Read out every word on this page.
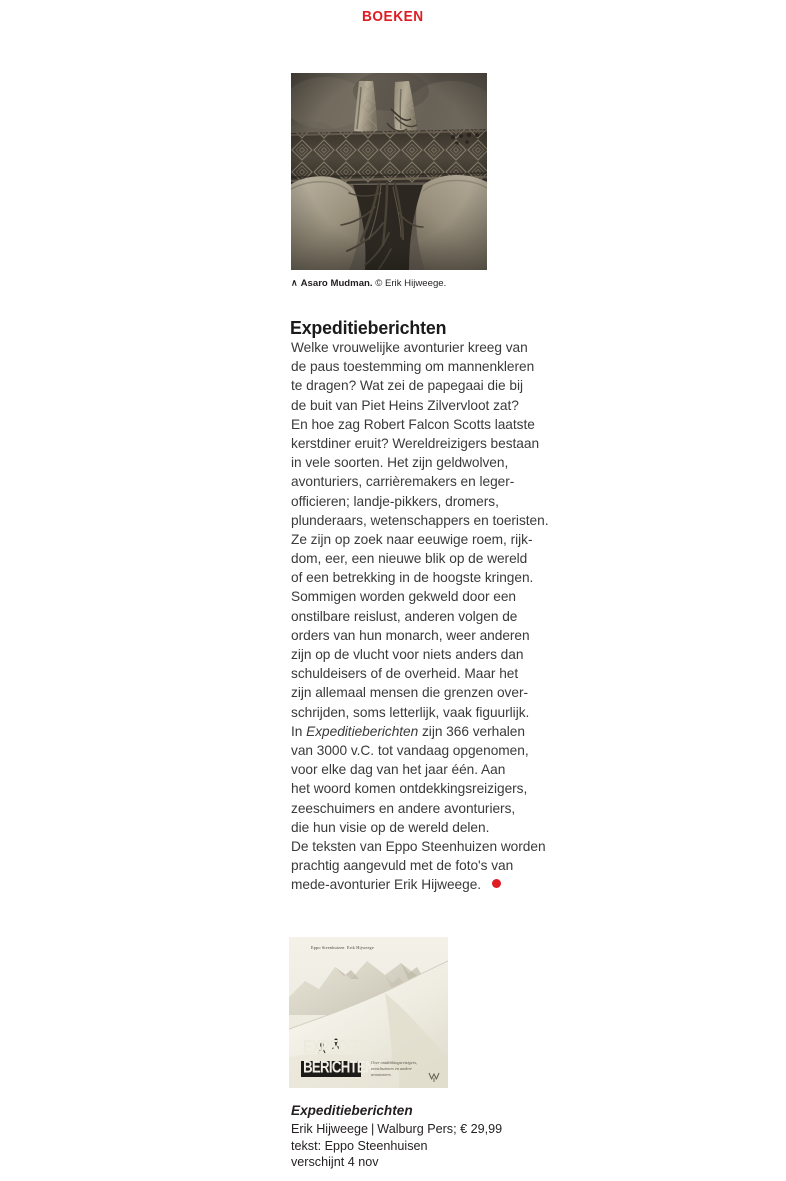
BOEKEN
∧ Asaro Mudman. © Erik Hijweege.
Expeditieberichten
Welke vrouwelijke avonturier kreeg van
de paus toestemming om mannenkleren
te dragen? Wat zei de papegaai die bij
de buit van Piet Heins Zilvervloot zat?
En hoe zag Robert Falcon Scotts laatste
kerstdiner eruit? Wereldreizigers bestaan
in vele soorten. Het zijn geldwolven,
avonturiers, carrièremakers en leger-
officieren; landje-pikkers, dromers,
plunderaars, wetenschappers en toeristen.
Ze zijn op zoek naar eeuwige roem, rijk-
dom, eer, een nieuwe blik op de wereld
of een betrekking in de hoogste kringen.
Sommigen worden gekweld door een
onstilbare reislust, anderen volgen de
orders van hun monarch, weer anderen
zijn op de vlucht voor niets anders dan
schuldeisers of de overheid. Maar het
zijn allemaal mensen die grenzen over-
schrijden, soms letterlijk, vaak figuurlijk.
In Expeditieberichten zijn 366 verhalen
van 3000 v.C. tot vandaag opgenomen,
voor elke dag van het jaar één. Aan
het woord komen ontdekkingsreizigers,
zeeschuimers en andere avonturiers,
die hun visie op de wereld delen.
De teksten van Eppo Steenhuizen worden
prachtig aangevuld met de foto's van
mede-avonturier Erik Hijweege.
Eppo Steenhuizen Erik Hijweege
EXPEDITIE
BERICHTEN
Over ontdekkingsreizigers,
zeeschuimers en andere
avonturiers
Expeditieberichten
Erik Hijweege | Walburg Pers; € 29,99
tekst: Eppo Steenhuisen
verschijnt 4 nov
